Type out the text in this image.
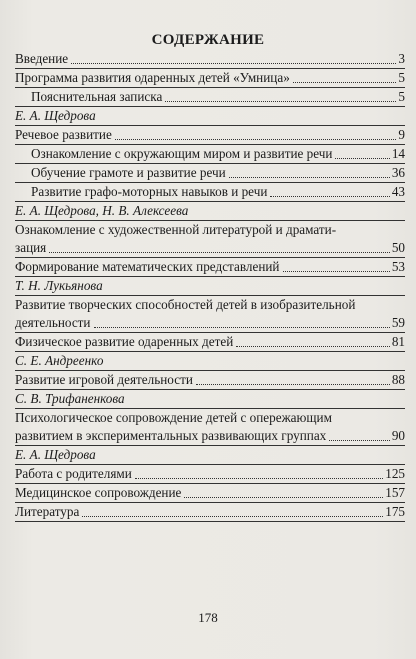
СОДЕРЖАНИЕ
Введение	3
Программа развития одаренных детей «Умница»	5
Пояснительная записка	5
Е. А. Щедрова
Речевое развитие	9
Ознакомление с окружающим миром и развитие речи	14
Обучение грамоте и развитие речи	36
Развитие графо-моторных навыков и речи	43
Е. А. Щедрова, Н. В. Алексеева
Ознакомление с художественной литературой и драмати-
зация	50
Формирование математических представлений	53
Т. Н. Лукьянова
Развитие творческих способностей детей в изобразительной
деятельности	59
Физическое развитие одаренных детей	81
С. Е. Андреенко
Развитие игровой деятельности	88
С. В. Трифаненкова
Психологическое сопровождение детей с опережающим
развитием в экспериментальных развивающих группах	90
Е. А. Щедрова
Работа с родителями	125
Медицинское сопровождение	157
Литература	175
178
